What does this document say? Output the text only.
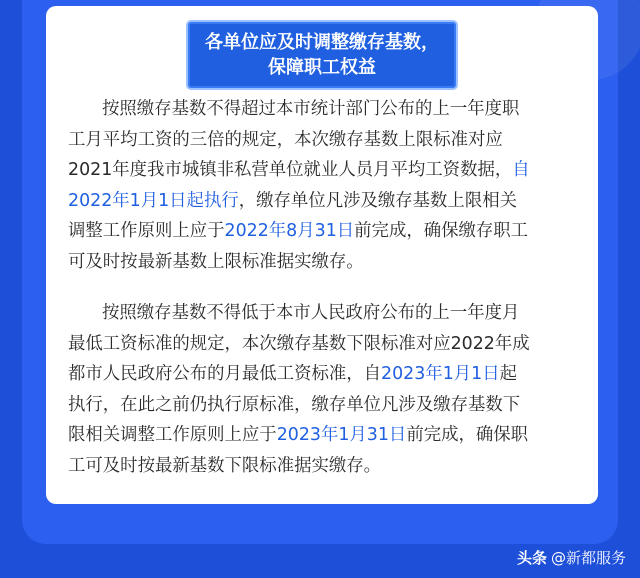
各单位应及时调整缴存基数，
保障职工权益

按照缴存基数不得超过本市统计部门公布的上一年度职
工月平均工资的三倍的规定，本次缴存基数上限标准对应
2021年度我市城镇非私营单位就业人员月平均工资数据，自
2022年1月1日起执行，缴存单位凡涉及缴存基数上限相关
调整工作原则上应于2022年8月31日前完成，确保缴存职工
可及时按最新基数上限标准据实缴存。

按照缴存基数不得低于本市人民政府公布的上一年度月
最低工资标准的规定，本次缴存基数下限标准对应2022年成
都市人民政府公布的月最低工资标准，自2023年1月1日起
执行，在此之前仍执行原标准，缴存单位凡涉及缴存基数下
限相关调整工作原则上应于2023年1月31日前完成，确保职
工可及时按最新基数下限标准据实缴存。

头条 @新都服务
